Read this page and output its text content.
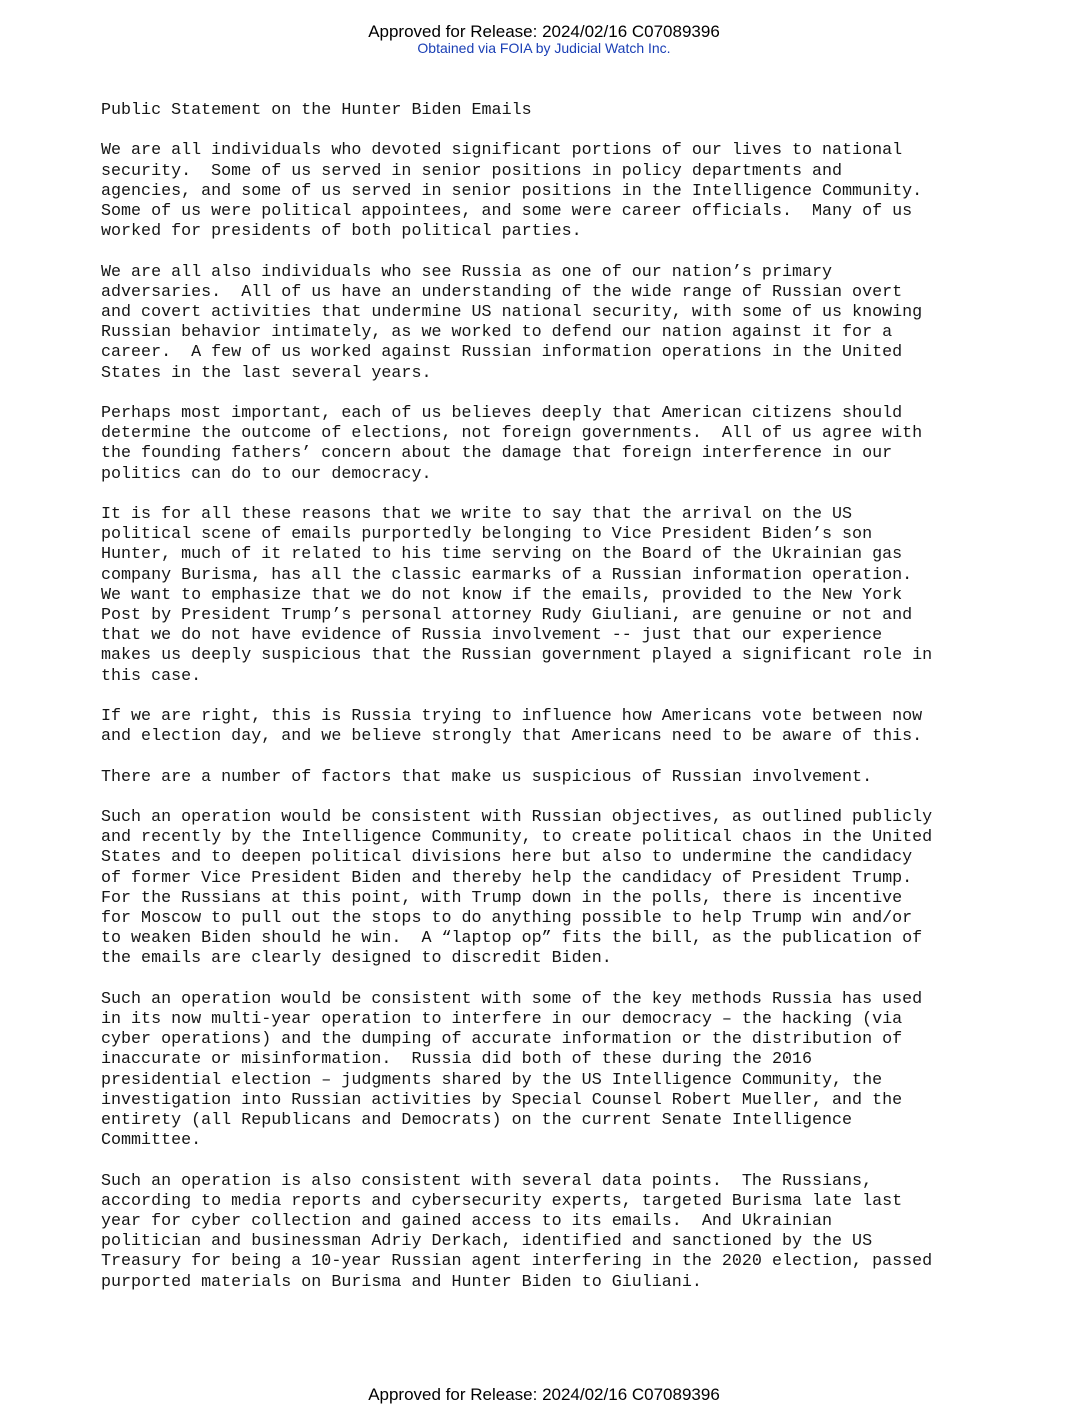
Approved for Release: 2024/02/16 C07089396
Obtained via FOIA by Judicial Watch Inc.

Public Statement on the Hunter Biden Emails

We are all individuals who devoted significant portions of our lives to national
security.  Some of us served in senior positions in policy departments and
agencies, and some of us served in senior positions in the Intelligence Community.
Some of us were political appointees, and some were career officials.  Many of us
worked for presidents of both political parties.

We are all also individuals who see Russia as one of our nation’s primary
adversaries.  All of us have an understanding of the wide range of Russian overt
and covert activities that undermine US national security, with some of us knowing
Russian behavior intimately, as we worked to defend our nation against it for a
career.  A few of us worked against Russian information operations in the United
States in the last several years.

Perhaps most important, each of us believes deeply that American citizens should
determine the outcome of elections, not foreign governments.  All of us agree with
the founding fathers’ concern about the damage that foreign interference in our
politics can do to our democracy.

It is for all these reasons that we write to say that the arrival on the US
political scene of emails purportedly belonging to Vice President Biden’s son
Hunter, much of it related to his time serving on the Board of the Ukrainian gas
company Burisma, has all the classic earmarks of a Russian information operation.
We want to emphasize that we do not know if the emails, provided to the New York
Post by President Trump’s personal attorney Rudy Giuliani, are genuine or not and
that we do not have evidence of Russia involvement -- just that our experience
makes us deeply suspicious that the Russian government played a significant role in
this case.

If we are right, this is Russia trying to influence how Americans vote between now
and election day, and we believe strongly that Americans need to be aware of this.

There are a number of factors that make us suspicious of Russian involvement.

Such an operation would be consistent with Russian objectives, as outlined publicly
and recently by the Intelligence Community, to create political chaos in the United
States and to deepen political divisions here but also to undermine the candidacy
of former Vice President Biden and thereby help the candidacy of President Trump.
For the Russians at this point, with Trump down in the polls, there is incentive
for Moscow to pull out the stops to do anything possible to help Trump win and/or
to weaken Biden should he win.  A “laptop op” fits the bill, as the publication of
the emails are clearly designed to discredit Biden.

Such an operation would be consistent with some of the key methods Russia has used
in its now multi-year operation to interfere in our democracy – the hacking (via
cyber operations) and the dumping of accurate information or the distribution of
inaccurate or misinformation.  Russia did both of these during the 2016
presidential election – judgments shared by the US Intelligence Community, the
investigation into Russian activities by Special Counsel Robert Mueller, and the
entirety (all Republicans and Democrats) on the current Senate Intelligence
Committee.

Such an operation is also consistent with several data points.  The Russians,
according to media reports and cybersecurity experts, targeted Burisma late last
year for cyber collection and gained access to its emails.  And Ukrainian
politician and businessman Adriy Derkach, identified and sanctioned by the US
Treasury for being a 10-year Russian agent interfering in the 2020 election, passed
purported materials on Burisma and Hunter Biden to Giuliani.

Approved for Release: 2024/02/16 C07089396
